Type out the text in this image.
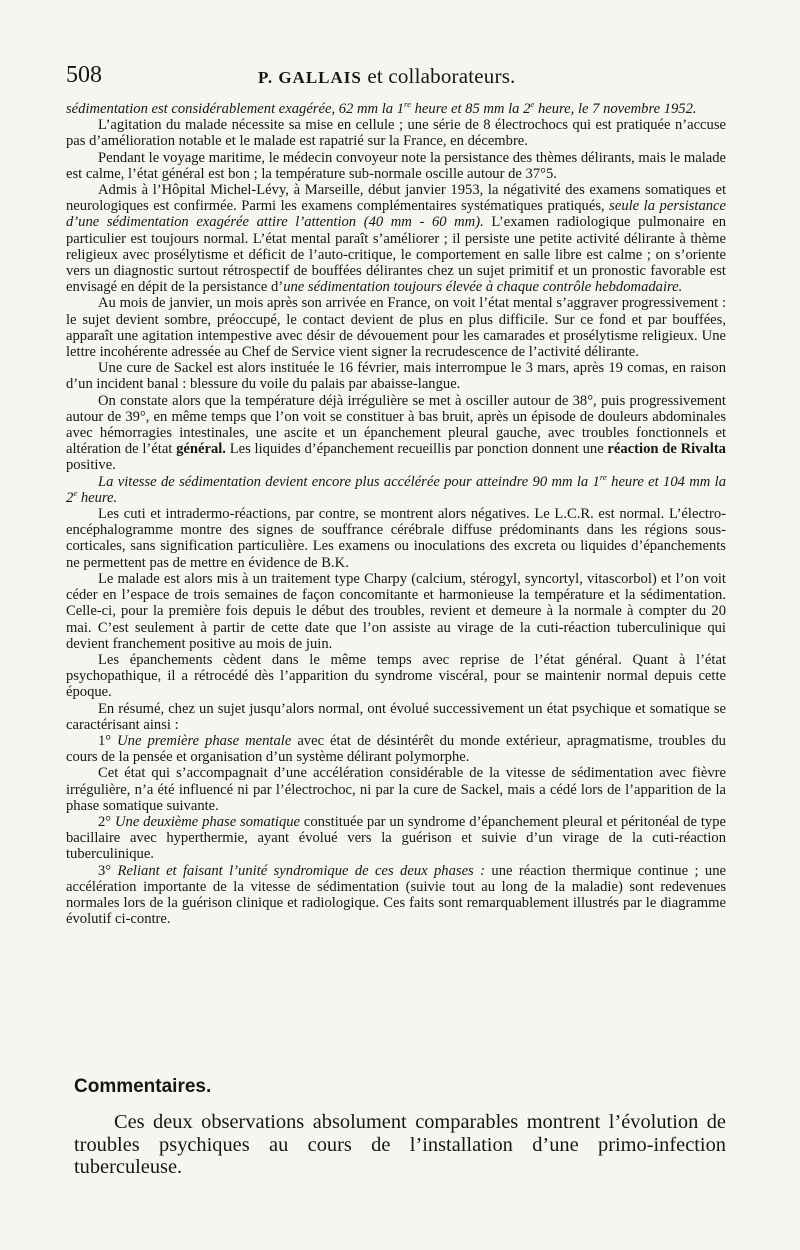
508	P. GALLAIS et collaborateurs.

sédimentation est considérablement exagérée, 62 mm la 1re heure et 85 mm la 2e heure, le 7 novembre 1952.

L’agitation du malade nécessite sa mise en cellule ; une série de 8 électrochocs qui est pratiquée n’accuse pas d’amélioration notable et le malade est rapatrié sur la France, en décembre.

Pendant le voyage maritime, le médecin convoyeur note la persistance des thèmes délirants, mais le malade est calme, l’état général est bon ; la température sub-normale oscille autour de 37°5.

Admis à l’Hôpital Michel-Lévy, à Marseille, début janvier 1953, la négativité des examens somatiques et neurologiques est confirmée. Parmi les examens complémentaires systématiques pratiqués, seule la persistance d’une sédimentation exagérée attire l’attention (40 mm - 60 mm). L’examen radiologique pulmonaire en particulier est toujours normal. L’état mental paraît s’améliorer ; il persiste une petite activité délirante à thème religieux avec prosélytisme et déficit de l’auto-critique, le comportement en salle libre est calme ; on s’oriente vers un diagnostic surtout rétrospectif de bouffées délirantes chez un sujet primitif et un pronostic favorable est envisagé en dépit de la persistance d’une sédimentation toujours élevée à chaque contrôle hebdomadaire.

Au mois de janvier, un mois après son arrivée en France, on voit l’état mental s’aggraver progressivement : le sujet devient sombre, préoccupé, le contact devient de plus en plus difficile. Sur ce fond et par bouffées, apparaît une agitation intempestive avec désir de dévouement pour les camarades et prosélytisme religieux. Une lettre incohérente adressée au Chef de Service vient signer la recrudescence de l’activité délirante.

Une cure de Sackel est alors instituée le 16 février, mais interrompue le 3 mars, après 19 comas, en raison d’un incident banal : blessure du voile du palais par abaisse-langue.

On constate alors que la température déjà irrégulière se met à osciller autour de 38°, puis progressivement autour de 39°, en même temps que l’on voit se constituer à bas bruit, après un épisode de douleurs abdominales avec hémorragies intestinales, une ascite et un épanchement pleural gauche, avec troubles fonctionnels et altération de l’état général. Les liquides d’épanchement recueillis par ponction donnent une réaction de Rivalta positive.

La vitesse de sédimentation devient encore plus accélérée pour atteindre 90 mm la 1re heure et 104 mm la 2e heure.

Les cuti et intradermo-réactions, par contre, se montrent alors négatives. Le L.C.R. est normal. L’électro-encéphalogramme montre des signes de souffrance cérébrale diffuse prédominants dans les régions sous-corticales, sans signification particulière. Les examens ou inoculations des excreta ou liquides d’épanchements ne permettent pas de mettre en évidence de B.K.

Le malade est alors mis à un traitement type Charpy (calcium, stérogyl, syncortyl, vitascorbol) et l’on voit céder en l’espace de trois semaines de façon concomitante et harmonieuse la température et la sédimentation. Celle-ci, pour la première fois depuis le début des troubles, revient et demeure à la normale à compter du 20 mai. C’est seulement à partir de cette date que l’on assiste au virage de la cuti-réaction tuberculinique qui devient franchement positive au mois de juin.

Les épanchements cèdent dans le même temps avec reprise de l’état général. Quant à l’état psychopathique, il a rétrocédé dès l’apparition du syndrome viscéral, pour se maintenir normal depuis cette époque.

En résumé, chez un sujet jusqu’alors normal, ont évolué successivement un état psychique et somatique se caractérisant ainsi :

1° Une première phase mentale avec état de désintérêt du monde extérieur, apragmatisme, troubles du cours de la pensée et organisation d’un système délirant polymorphe.

Cet état qui s’accompagnait d’une accélération considérable de la vitesse de sédimentation avec fièvre irrégulière, n’a été influencé ni par l’électrochoc, ni par la cure de Sackel, mais a cédé lors de l’apparition de la phase somatique suivante.

2° Une deuxième phase somatique constituée par un syndrome d’épanchement pleural et péritonéal de type bacillaire avec hyperthermie, ayant évolué vers la guérison et suivie d’un virage de la cuti-réaction tuberculinique.

3° Reliant et faisant l’unité syndromique de ces deux phases : une réaction thermique continue ; une accélération importante de la vitesse de sédimentation (suivie tout au long de la maladie) sont redevenues normales lors de la guérison clinique et radiologique. Ces faits sont remarquablement illustrés par le diagramme évolutif ci-contre.

Commentaires.

Ces deux observations absolument comparables montrent l’évolution de troubles psychiques au cours de l’installation d’une primo-infection tuberculeuse.
